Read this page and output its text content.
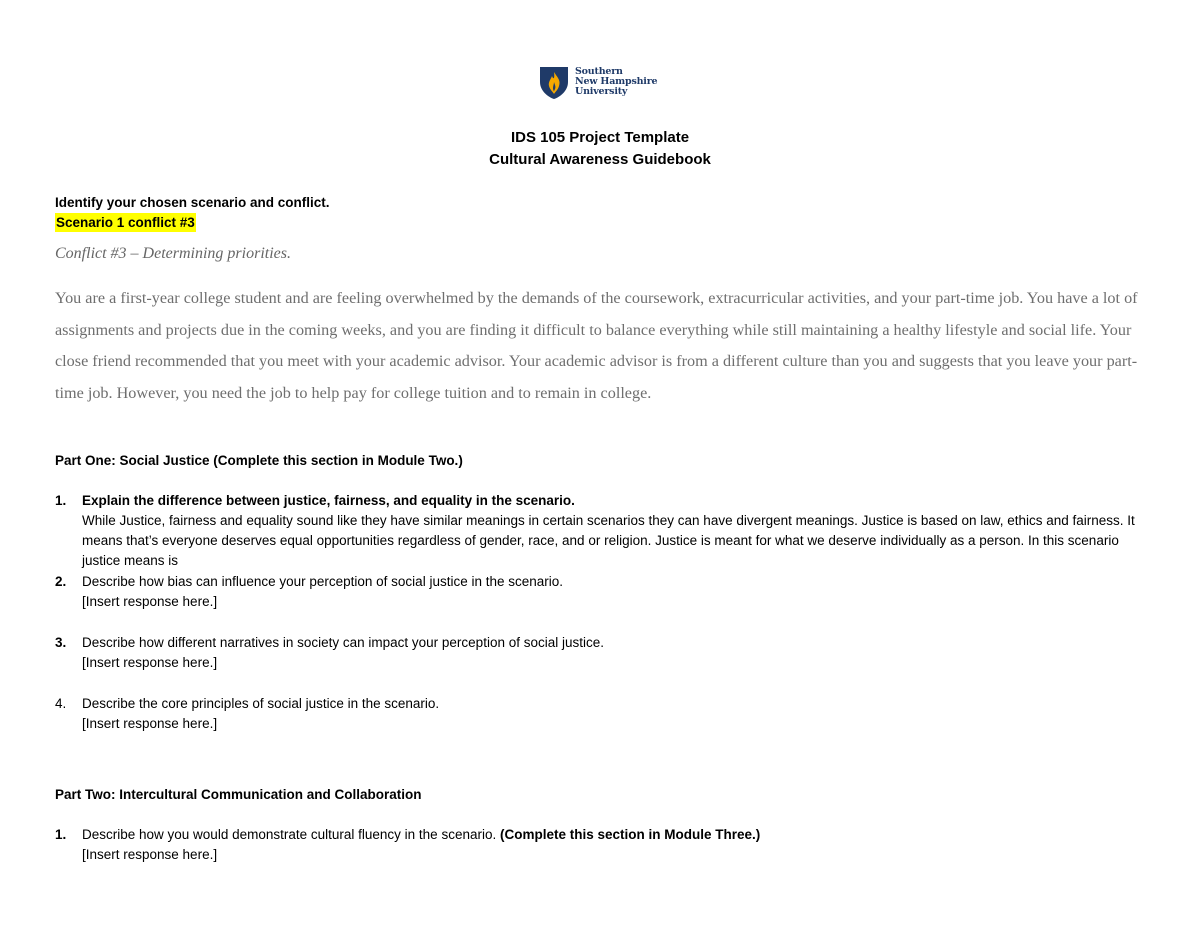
Southern
New Hampshire
University
IDS 105 Project Template
Cultural Awareness Guidebook
Identify your chosen scenario and conflict.
Scenario 1 conflict #3
Conflict #3 – Determining priorities.
You are a first-year college student and are feeling overwhelmed by the demands of the coursework, extracurricular activities, and your part-time job. You have a lot of assignments and projects due in the coming weeks, and you are finding it difficult to balance everything while still maintaining a healthy lifestyle and social life. Your close friend recommended that you meet with your academic advisor. Your academic advisor is from a different culture than you and suggests that you leave your part-time job. However, you need the job to help pay for college tuition and to remain in college.
Part One: Social Justice (Complete this section in Module Two.)
1.	Explain the difference between justice, fairness, and equality in the scenario.
While Justice, fairness and equality sound like they have similar meanings in certain scenarios they can have divergent meanings. Justice is based on law, ethics and fairness. It means that’s everyone deserves equal opportunities regardless of gender, race, and or religion. Justice is meant for what we deserve individually as a person. In this scenario justice means is
2.	Describe how bias can influence your perception of social justice in the scenario.
[Insert response here.]
3.	Describe how different narratives in society can impact your perception of social justice.
[Insert response here.]
4.	Describe the core principles of social justice in the scenario.
[Insert response here.]
Part Two: Intercultural Communication and Collaboration
1.	Describe how you would demonstrate cultural fluency in the scenario. (Complete this section in Module Three.)
[Insert response here.]
